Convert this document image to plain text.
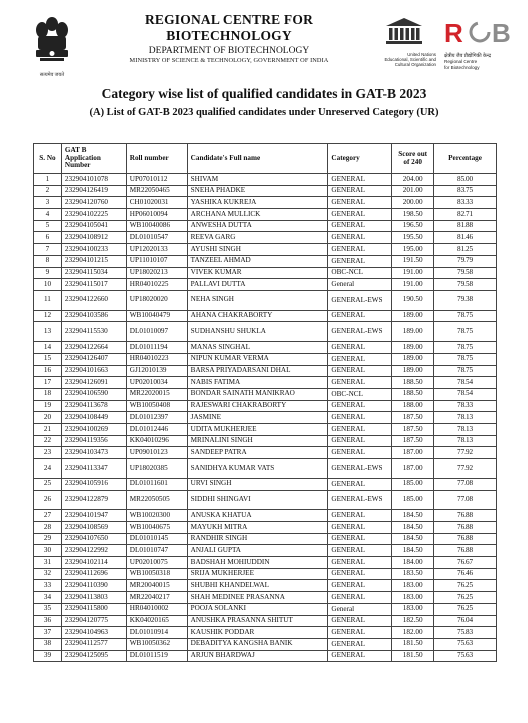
सत्यमेव जयते
REGIONAL CENTRE FOR BIOTECHNOLOGY
DEPARTMENT OF BIOTECHNOLOGY
MINISTRY OF SCIENCE & TECHNOLOGY, GOVERNMENT OF INDIA
United Nations
Educational, Scientific and
Cultural Organization
R B
क्षेत्रीय जैव प्रौद्योगिकी केन्द्र
Regional Centre
for Biotechnology
Category wise list of qualified candidates in GAT-B 2023
(A) List of GAT-B 2023 qualified candidates under Unreserved Category (UR)
S. No	GAT B Application Number	Roll number	Candidate's Full name	Category	Score out of 240	Percentage
1	232904101078	UP07010112	SHIVAM	GENERAL	204.00	85.00
2	232904126419	MR22050465	SNEHA PHADKE	GENERAL	201.00	83.75
3	232904120760	CH01020031	YASHIKA KUKREJA	GENERAL	200.00	83.33
4	232904102225	HP06010094	ARCHANA MULLICK	GENERAL	198.50	82.71
5	232904105041	WB10040086	ANWESHA DUTTA	GENERAL	196.50	81.88
6	232904108912	DL01010547	REEVA GARG	GENERAL	195.50	81.46
7	232904100233	UP12020133	AYUSHI SINGH	GENERAL	195.00	81.25
8	232904101215	UP11010107	TANZEEL AHMAD	GENERAL	191.50	79.79
9	232904115034	UP18020213	VIVEK KUMAR	OBC-NCL	191.00	79.58
10	232904115017	HR04010225	PALLAVI DUTTA	General	191.00	79.58
11	232904122660	UP18020020	NEHA SINGH	GENERAL-EWS	190.50	79.38
12	232904103586	WB10040479	AHANA CHAKRABORTY	GENERAL	189.00	78.75
13	232904115530	DL01010097	SUDHANSHU SHUKLA	GENERAL-EWS	189.00	78.75
14	232904122664	DL01011194	MANAS SINGHAL	GENERAL	189.00	78.75
15	232904126407	HR04010223	NIPUN KUMAR VERMA	GENERAL	189.00	78.75
16	232904101663	GJ12010139	BARSA PRIYADARSANI DHAL	GENERAL	189.00	78.75
17	232904126091	UP02010034	NABIS FATIMA	GENERAL	188.50	78.54
18	232904106590	MR22020015	BONDAR SAINATH MANIKRAO	OBC-NCL	188.50	78.54
19	232904113678	WB10050408	RAJESWARI CHAKRABORTY	GENERAL	188.00	78.33
20	232904108449	DL01012397	JASMINE	GENERAL	187.50	78.13
21	232904100269	DL01012446	UDITA MUKHERJEE	GENERAL	187.50	78.13
22	232904119356	KK04010296	MRINALINI SINGH	GENERAL	187.50	78.13
23	232904103473	UP09010123	SANDEEP PATRA	GENERAL	187.00	77.92
24	232904113347	UP18020385	SANIDHYA KUMAR VATS	GENERAL-EWS	187.00	77.92
25	232904105916	DL01011601	URVI SINGH	GENERAL	185.00	77.08
26	232904122879	MR22050505	SIDDHI SHINGAVI	GENERAL-EWS	185.00	77.08
27	232904101947	WB10020300	ANUSKA KHATUA	GENERAL	184.50	76.88
28	232904108569	WB10040675	MAYUKH MITRA	GENERAL	184.50	76.88
29	232904107650	DL01010145	RANDHIR SINGH	GENERAL	184.50	76.88
30	232904122992	DL01010747	ANJALI GUPTA	GENERAL	184.50	76.88
31	232904102114	UP02010075	BADSHAH MOHIUDDIN	GENERAL	184.00	76.67
32	232904112696	WB10050318	SRIJA MUKHERJEE	GENERAL	183.50	76.46
33	232904110390	MR20040015	SHUBHI KHANDELWAL	GENERAL	183.00	76.25
34	232904113803	MR22040217	SHAH MEDINEE PRASANNA	GENERAL	183.00	76.25
35	232904115800	HR04010002	POOJA SOLANKI	General	183.00	76.25
36	232904120775	KK04020165	ANUSHKA PRASANNA SHITUT	GENERAL	182.50	76.04
37	232904104963	DL01010914	KAUSHIK PODDAR	GENERAL	182.00	75.83
38	232904112577	WB10050362	DEBADITYA KANGSHA BANIK	GENERAL	181.50	75.63
39	232904125095	DL01011519	ARJUN BHARDWAJ	GENERAL	181.50	75.63
